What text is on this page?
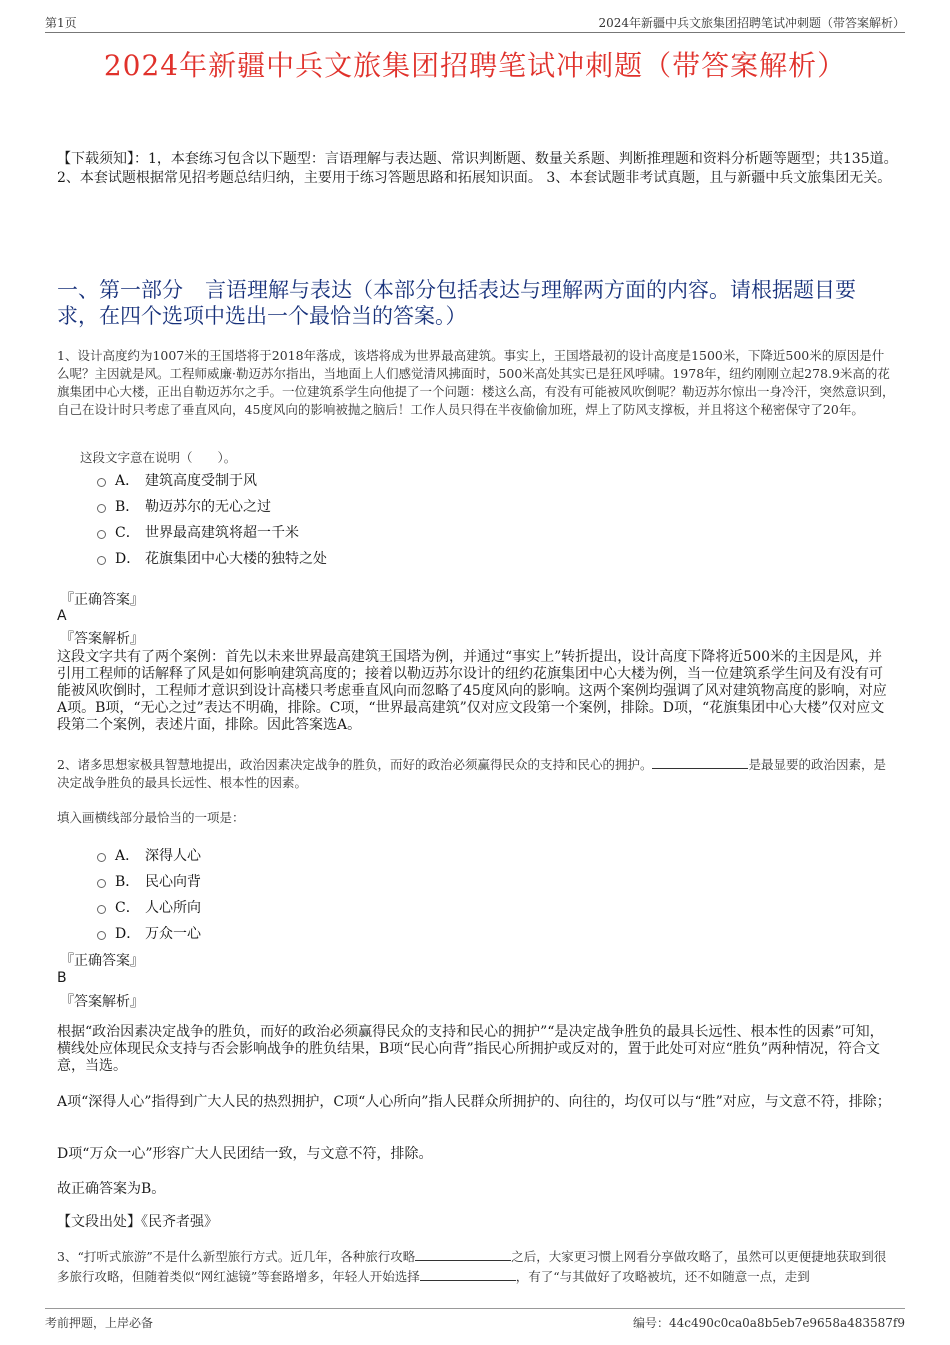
第1页	2024年新疆中兵文旅集团招聘笔试冲刺题（带答案解析）
2024年新疆中兵文旅集团招聘笔试冲刺题（带答案解析）
【下载须知】：1，本套练习包含以下题型：言语理解与表达题、常识判断题、数量关系题、判断推理题和资料分析题等题型；共135道。 2、本套试题根据常见招考题总结归纳，主要用于练习答题思路和拓展知识面。 3、本套试题非考试真题，且与新疆中兵文旅集团无关。
一、第一部分 言语理解与表达（本部分包括表达与理解两方面的内容。请根据题目要求，在四个选项中选出一个最恰当的答案。）
1、设计高度约为1007米的王国塔将于2018年落成，该塔将成为世界最高建筑。事实上，王国塔最初的设计高度是1500米，下降近500米的原因是什么呢？主因就是风。工程师威廉·勒迈苏尔指出，当地面上人们感觉清风拂面时，500米高处其实已是狂风呼啸。1978年，纽约刚刚立起278.9米高的花旗集团中心大楼，正出自勒迈苏尔之手。一位建筑系学生向他提了一个问题：楼这么高，有没有可能被风吹倒呢？勒迈苏尔惊出一身冷汗，突然意识到，自己在设计时只考虑了垂直风向，45度风向的影响被抛之脑后！工作人员只得在半夜偷偷加班，焊上了防风支撑板，并且将这个秘密保守了20年。
这段文字意在说明（　　）。
A． 建筑高度受制于风
B． 勒迈苏尔的无心之过
C． 世界最高建筑将超一千米
D． 花旗集团中心大楼的独特之处
『正确答案』
A
『答案解析』
这段文字共有了两个案例：首先以未来世界最高建筑王国塔为例，并通过“事实上”转折提出，设计高度下降将近500米的主因是风，并引用工程师的话解释了风是如何影响建筑高度的；接着以勒迈苏尔设计的纽约花旗集团中心大楼为例，当一位建筑系学生问及有没有可能被风吹倒时，工程师才意识到设计高楼只考虑垂直风向而忽略了45度风向的影响。这两个案例均强调了风对建筑物高度的影响，对应A项。B项，“无心之过”表达不明确，排除。C项，“世界最高建筑”仅对应文段第一个案例，排除。D项，“花旗集团中心大楼”仅对应文段第二个案例，表述片面，排除。因此答案选A。
2、诸多思想家极具智慧地提出，政治因素决定战争的胜负，而好的政治必须赢得民众的支持和民心的拥护。	是最显要的政治因素，是决定战争胜负的最具长远性、根本性的因素。
填入画横线部分最恰当的一项是：
A． 深得人心
B． 民心向背
C． 人心所向
D． 万众一心
『正确答案』
B
『答案解析』
根据“政治因素决定战争的胜负，而好的政治必须赢得民众的支持和民心的拥护”“是决定战争胜负的最具长远性、根本性的因素”可知，横线处应体现民众支持与否会影响战争的胜负结果，B项“民心向背”指民心所拥护或反对的，置于此处可对应“胜负”两种情况，符合文意，当选。
A项“深得人心”指得到广大人民的热烈拥护，C项“人心所向”指人民群众所拥护的、向往的，均仅可以与“胜”对应，与文意不符，排除；
D项“万众一心”形容广大人民团结一致，与文意不符，排除。
故正确答案为B。
【文段出处】《民齐者强》
3、“打听式旅游”不是什么新型旅行方式。近几年，各种旅行攻略	之后，大家更习惯上网看分享做攻略了，虽然可以更便捷地获取到很多旅行攻略，但随着类似“网红滤镜”等套路增多，年轻人开始选择	，有了“与其做好了攻略被坑，还不如随意一点，走到
考前押题，上岸必备	编号：44c490c0ca0a8b5eb7e9658a483587f9
